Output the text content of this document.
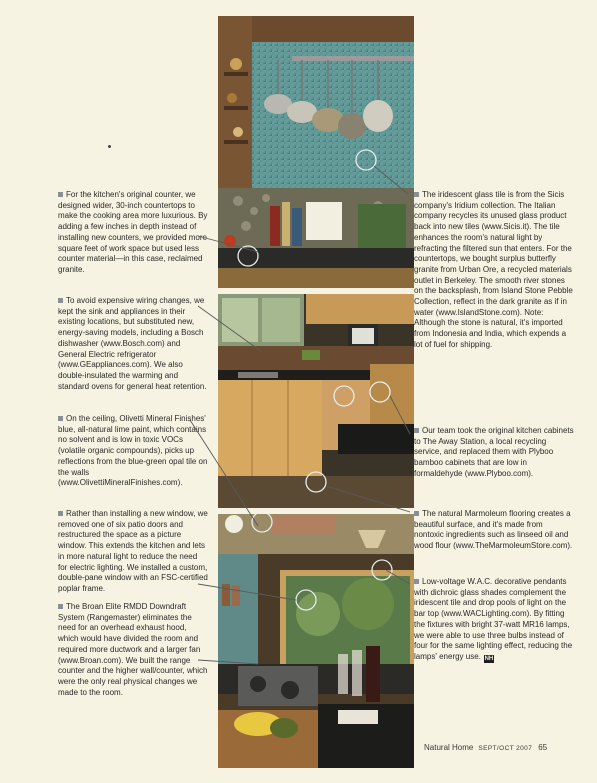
For the kitchen's original counter, we designed wider, 30-inch countertops to make the cooking area more luxurious. By adding a few inches in depth instead of installing new counters, we provided more square feet of work space but used less counter material—in this case, reclaimed granite.

To avoid expensive wiring changes, we kept the sink and appliances in their existing locations, but substituted new, energy-saving models, including a Bosch dishwasher (www.Bosch.com) and General Electric refrigerator (www.GEappliances.com). We also double-insulated the warming and standard ovens for general heat retention.

On the ceiling, Olivetti Mineral Finishes' blue, all-natural lime paint, which contains no solvent and is low in toxic VOCs (volatile organic compounds), picks up reflections from the blue-green opal tile on the walls (www.OlivettiMineralFinishes.com).

Rather than installing a new window, we removed one of six patio doors and restructured the space as a picture window. This extends the kitchen and lets in more natural light to reduce the need for electric lighting. We installed a custom, double-pane window with an FSC-certified poplar frame.

The Broan Elite RMDD Downdraft System (Rangemaster) eliminates the need for an overhead exhaust hood, which would have divided the room and required more ductwork and a larger fan (www.Broan.com). We built the range counter and the higher wall/counter, which were the only real physical changes we made to the room.

The iridescent glass tile is from the Sicis company's Iridium collection. The Italian company recycles its unused glass product back into new tiles (www.Sicis.it). The tile enhances the room's natural light by refracting the filtered sun that enters. For the countertops, we bought surplus butterfly granite from Urban Ore, a recycled materials outlet in Berkeley. The smooth river stones on the backsplash, from Island Stone Pebble Collection, reflect in the dark granite as if in water (www.IslandStone.com). Note: Although the stone is natural, it's imported from Indonesia and India, which expends a lot of fuel for shipping.

Our team took the original kitchen cabinets to The Away Station, a local recycling service, and replaced them with Plyboo bamboo cabinets that are low in formaldehyde (www.Plyboo.com).

The natural Marmoleum flooring creates a beautiful surface, and it's made from nontoxic ingredients such as linseed oil and wood flour (www.TheMarmoleumStore.com).

Low-voltage W.A.C. decorative pendants with dichroic glass shades complement the iridescent tile and drop pools of light on the bar top (www.WACLighting.com). By fitting the fixtures with bright 37-watt MR16 lamps, we were able to use three bulbs instead of four for the same lighting effect, reducing the lamps' energy use. NH

Natural Home SEPT/OCT 2007 65
